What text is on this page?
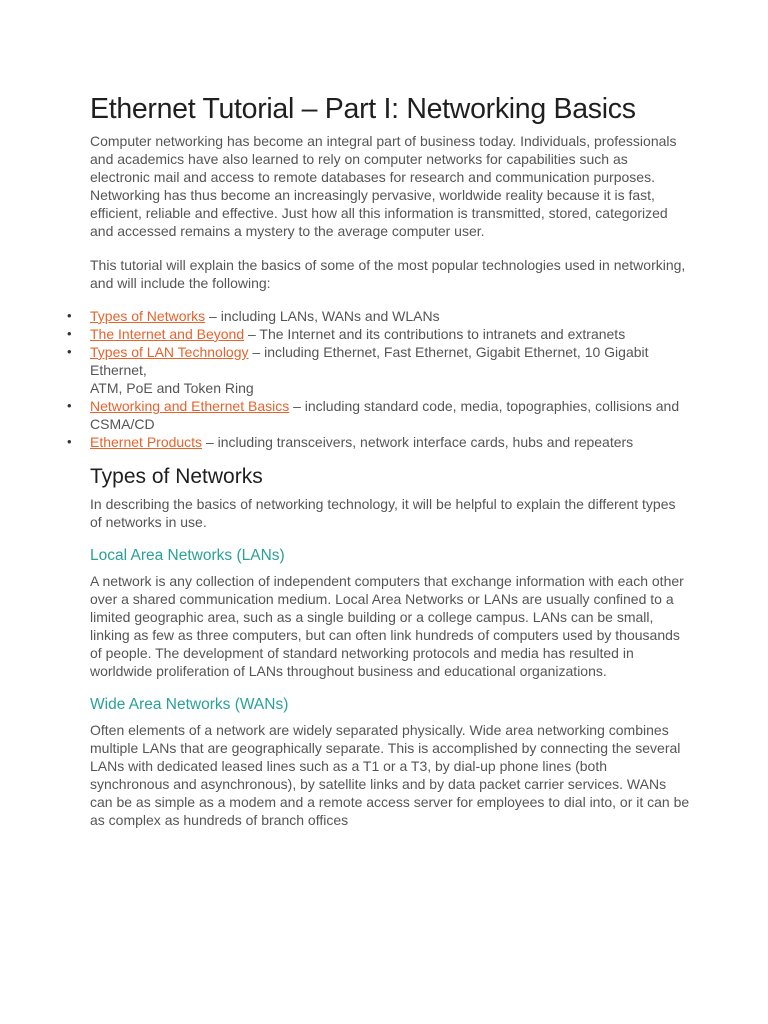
Ethernet Tutorial – Part I: Networking Basics

Computer networking has become an integral part of business today. Individuals, professionals and academics have also learned to rely on computer networks for capabilities such as electronic mail and access to remote databases for research and communication purposes. Networking has thus become an increasingly pervasive, worldwide reality because it is fast, efficient, reliable and effective. Just how all this information is transmitted, stored, categorized and accessed remains a mystery to the average computer user.

This tutorial will explain the basics of some of the most popular technologies used in networking, and will include the following:

• Types of Networks – including LANs, WANs and WLANs
• The Internet and Beyond – The Internet and its contributions to intranets and extranets
• Types of LAN Technology – including Ethernet, Fast Ethernet, Gigabit Ethernet, 10 Gigabit Ethernet,
ATM, PoE and Token Ring
• Networking and Ethernet Basics – including standard code, media, topographies, collisions and CSMA/CD
• Ethernet Products – including transceivers, network interface cards, hubs and repeaters
Types of Networks

In describing the basics of networking technology, it will be helpful to explain the different types of networks in use.

Local Area Networks (LANs)

A network is any collection of independent computers that exchange information with each other over a shared communication medium. Local Area Networks or LANs are usually confined to a limited geographic area, such as a single building or a college campus. LANs can be small, linking as few as three computers, but can often link hundreds of computers used by thousands of people. The development of standard networking protocols and media has resulted in worldwide proliferation of LANs throughout business and educational organizations.

Wide Area Networks (WANs)

Often elements of a network are widely separated physically. Wide area networking combines multiple LANs that are geographically separate. This is accomplished by connecting the several LANs with dedicated leased lines such as a T1 or a T3, by dial-up phone lines (both synchronous and asynchronous), by satellite links and by data packet carrier services. WANs can be as simple as a modem and a remote access server for employees to dial into, or it can be as complex as hundreds of branch offices
